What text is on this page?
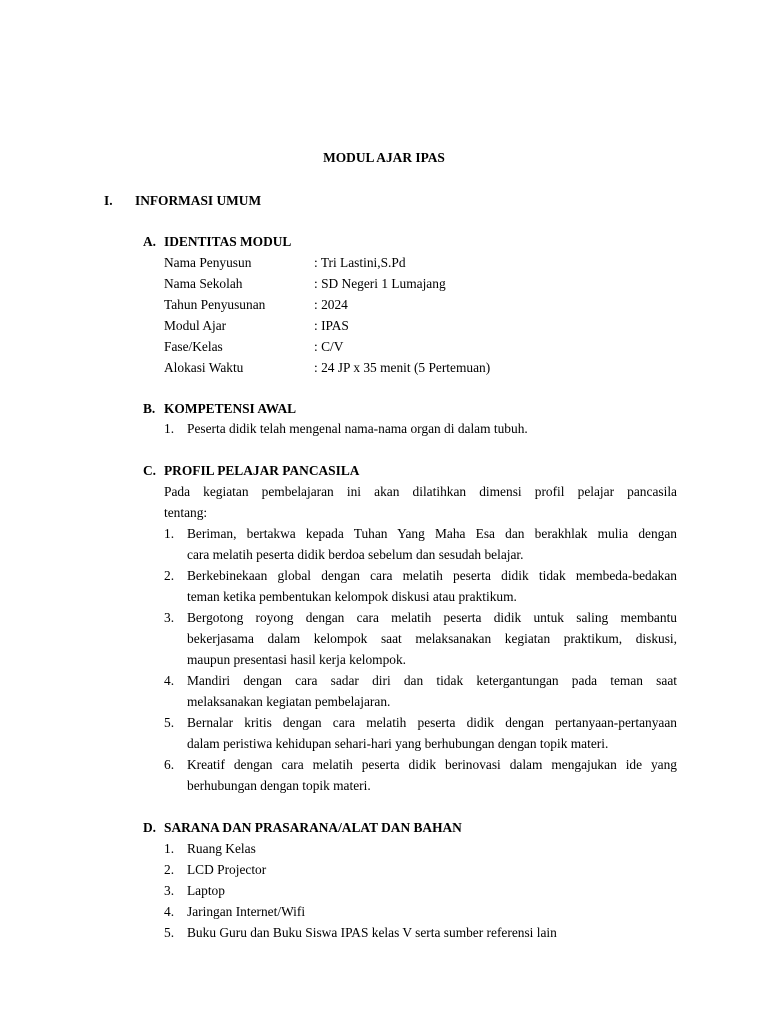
MODUL AJAR IPAS
I. INFORMASI UMUM
A. IDENTITAS MODUL
Nama Penyusun	: Tri Lastini,S.Pd
Nama Sekolah	: SD Negeri 1 Lumajang
Tahun Penyusunan	: 2024
Modul Ajar	: IPAS
Fase/Kelas	: C/V
Alokasi Waktu	: 24 JP x 35 menit (5 Pertemuan)
B. KOMPETENSI AWAL
1. Peserta didik telah mengenal nama-nama organ di dalam tubuh.
C. PROFIL PELAJAR PANCASILA
Pada kegiatan pembelajaran ini akan dilatihkan dimensi profil pelajar pancasila
tentang:
1. Beriman, bertakwa kepada Tuhan Yang Maha Esa dan berakhlak mulia dengan
cara melatih peserta didik berdoa sebelum dan sesudah belajar.
2. Berkebinekaan global dengan cara melatih peserta didik tidak membeda-bedakan
teman ketika pembentukan kelompok diskusi atau praktikum.
3. Bergotong royong dengan cara melatih peserta didik untuk saling membantu
bekerjasama dalam kelompok saat melaksanakan kegiatan praktikum, diskusi,
maupun presentasi hasil kerja kelompok.
4. Mandiri dengan cara sadar diri dan tidak ketergantungan pada teman saat
melaksanakan kegiatan pembelajaran.
5. Bernalar kritis dengan cara melatih peserta didik dengan pertanyaan-pertanyaan
dalam peristiwa kehidupan sehari-hari yang berhubungan dengan topik materi.
6. Kreatif dengan cara melatih peserta didik berinovasi dalam mengajukan ide yang
berhubungan dengan topik materi.
D. SARANA DAN PRASARANA/ALAT DAN BAHAN
1. Ruang Kelas
2. LCD Projector
3. Laptop
4. Jaringan Internet/Wifi
5. Buku Guru dan Buku Siswa IPAS kelas V serta sumber referensi lain
